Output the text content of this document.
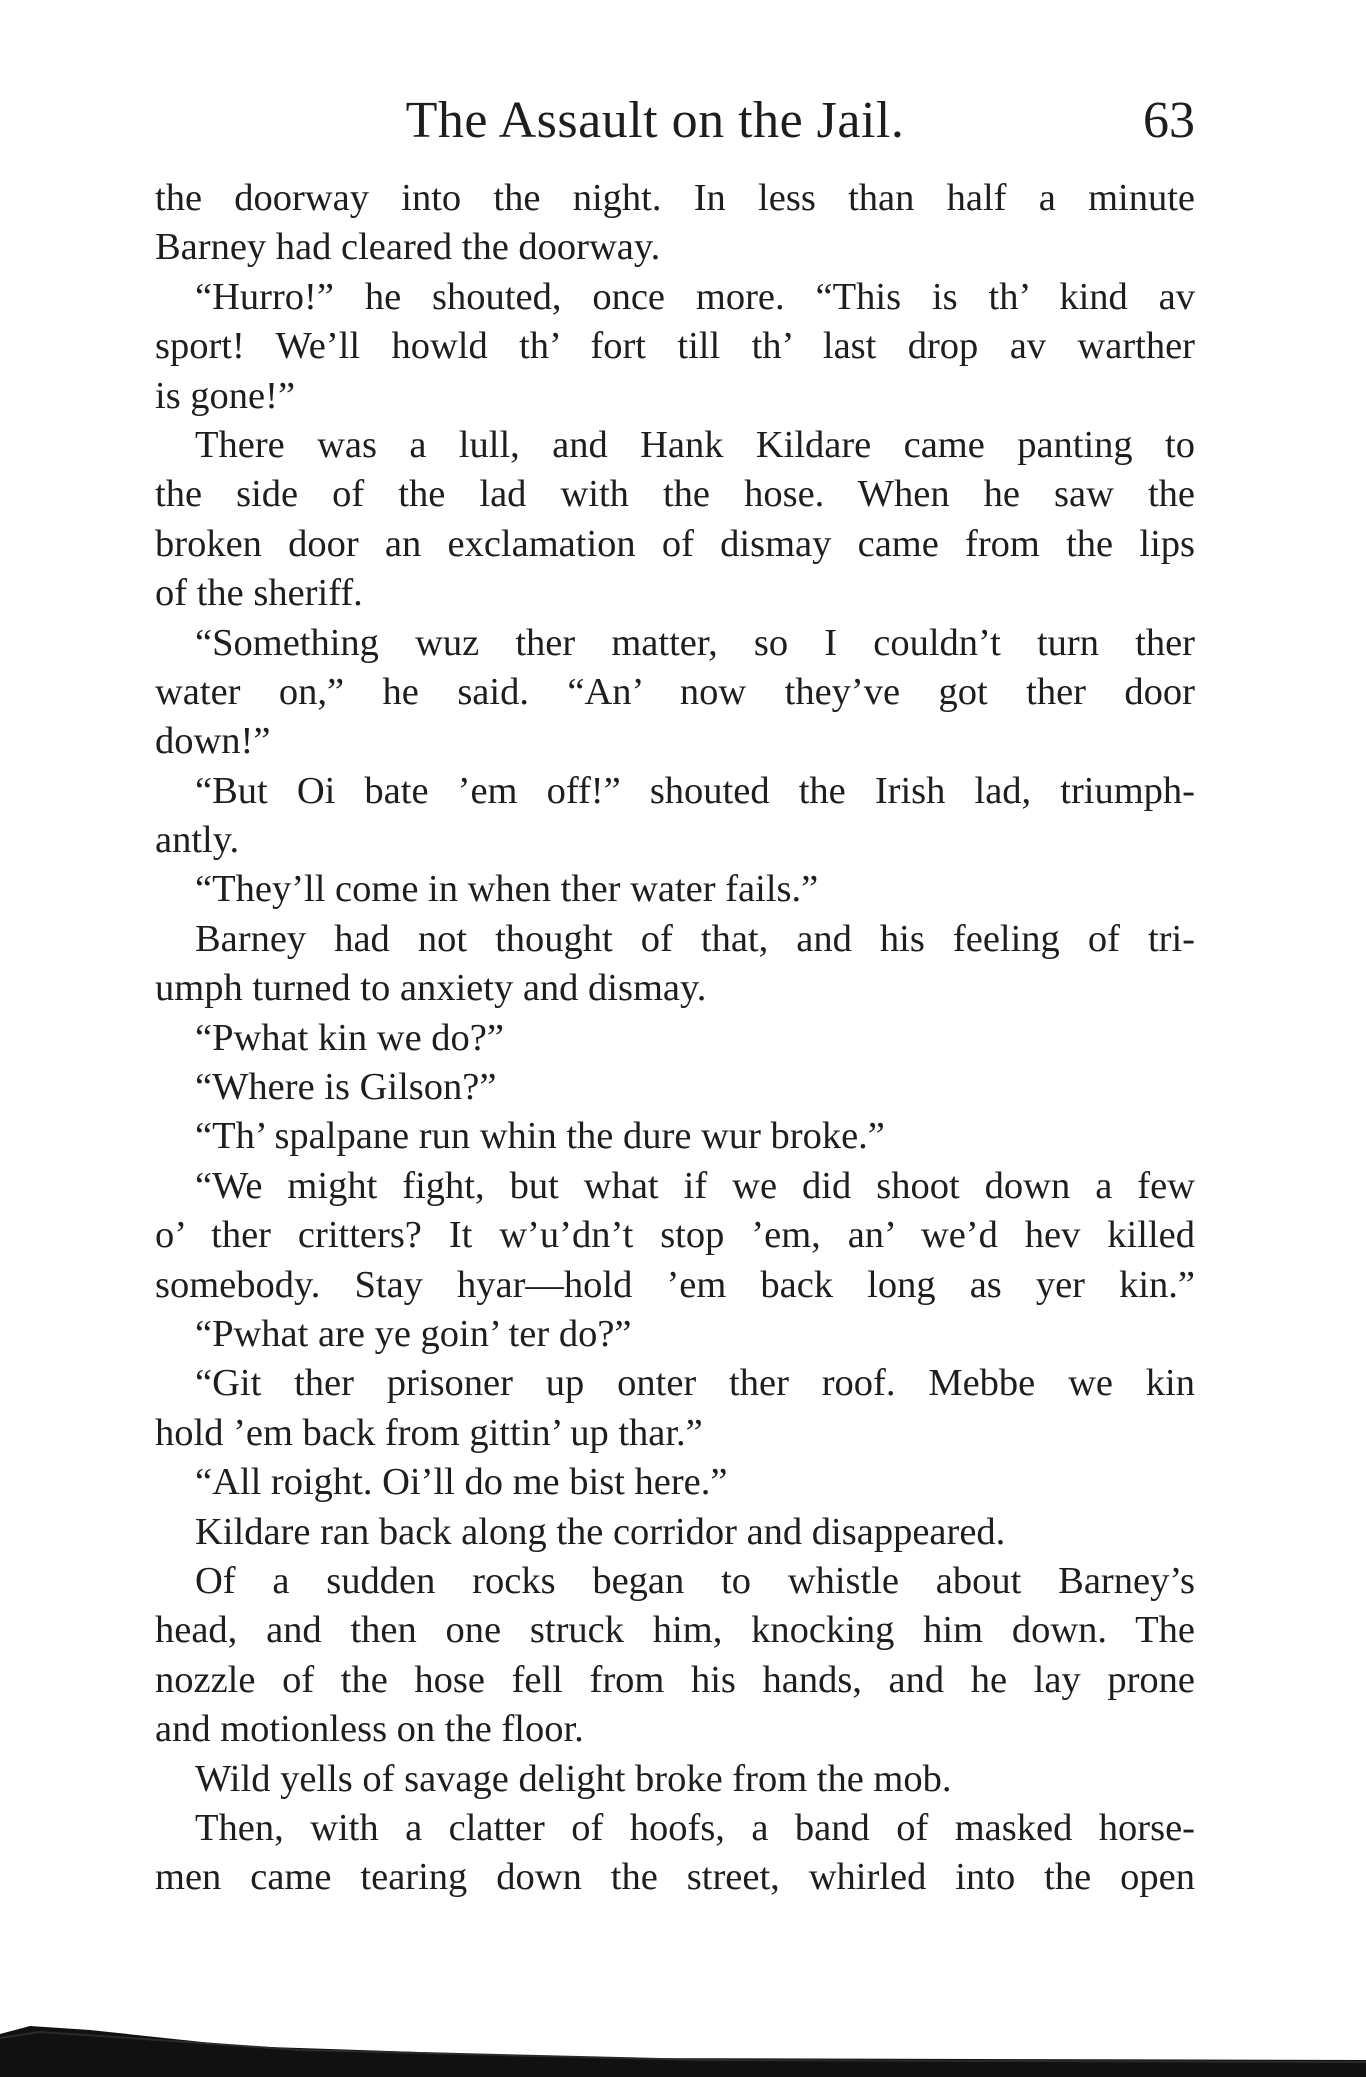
The Assault on the Jail.	63
the doorway into the night. In less than half a minute
Barney had cleared the doorway.
“Hurro!” he shouted, once more. “This is th’ kind av
sport! We’ll howld th’ fort till th’ last drop av warther
is gone!”
There was a lull, and Hank Kildare came panting to
the side of the lad with the hose. When he saw the
broken door an exclamation of dismay came from the lips
of the sheriff.
“Something wuz ther matter, so I couldn’t turn ther
water on,” he said. “An’ now they’ve got ther door
down!”
“But Oi bate ’em off!” shouted the Irish lad, triumph-
antly.
“They’ll come in when ther water fails.”
Barney had not thought of that, and his feeling of tri-
umph turned to anxiety and dismay.
“Pwhat kin we do?”
“Where is Gilson?”
“Th’ spalpane run whin the dure wur broke.”
“We might fight, but what if we did shoot down a few
o’ ther critters? It w’u’dn’t stop ’em, an’ we’d hev killed
somebody. Stay hyar—hold ’em back long as yer kin.”
“Pwhat are ye goin’ ter do?”
“Git ther prisoner up onter ther roof. Mebbe we kin
hold ’em back from gittin’ up thar.”
“All roight. Oi’ll do me bist here.”
Kildare ran back along the corridor and disappeared.
Of a sudden rocks began to whistle about Barney’s
head, and then one struck him, knocking him down. The
nozzle of the hose fell from his hands, and he lay prone
and motionless on the floor.
Wild yells of savage delight broke from the mob.
Then, with a clatter of hoofs, a band of masked horse-
men came tearing down the street, whirled into the open
